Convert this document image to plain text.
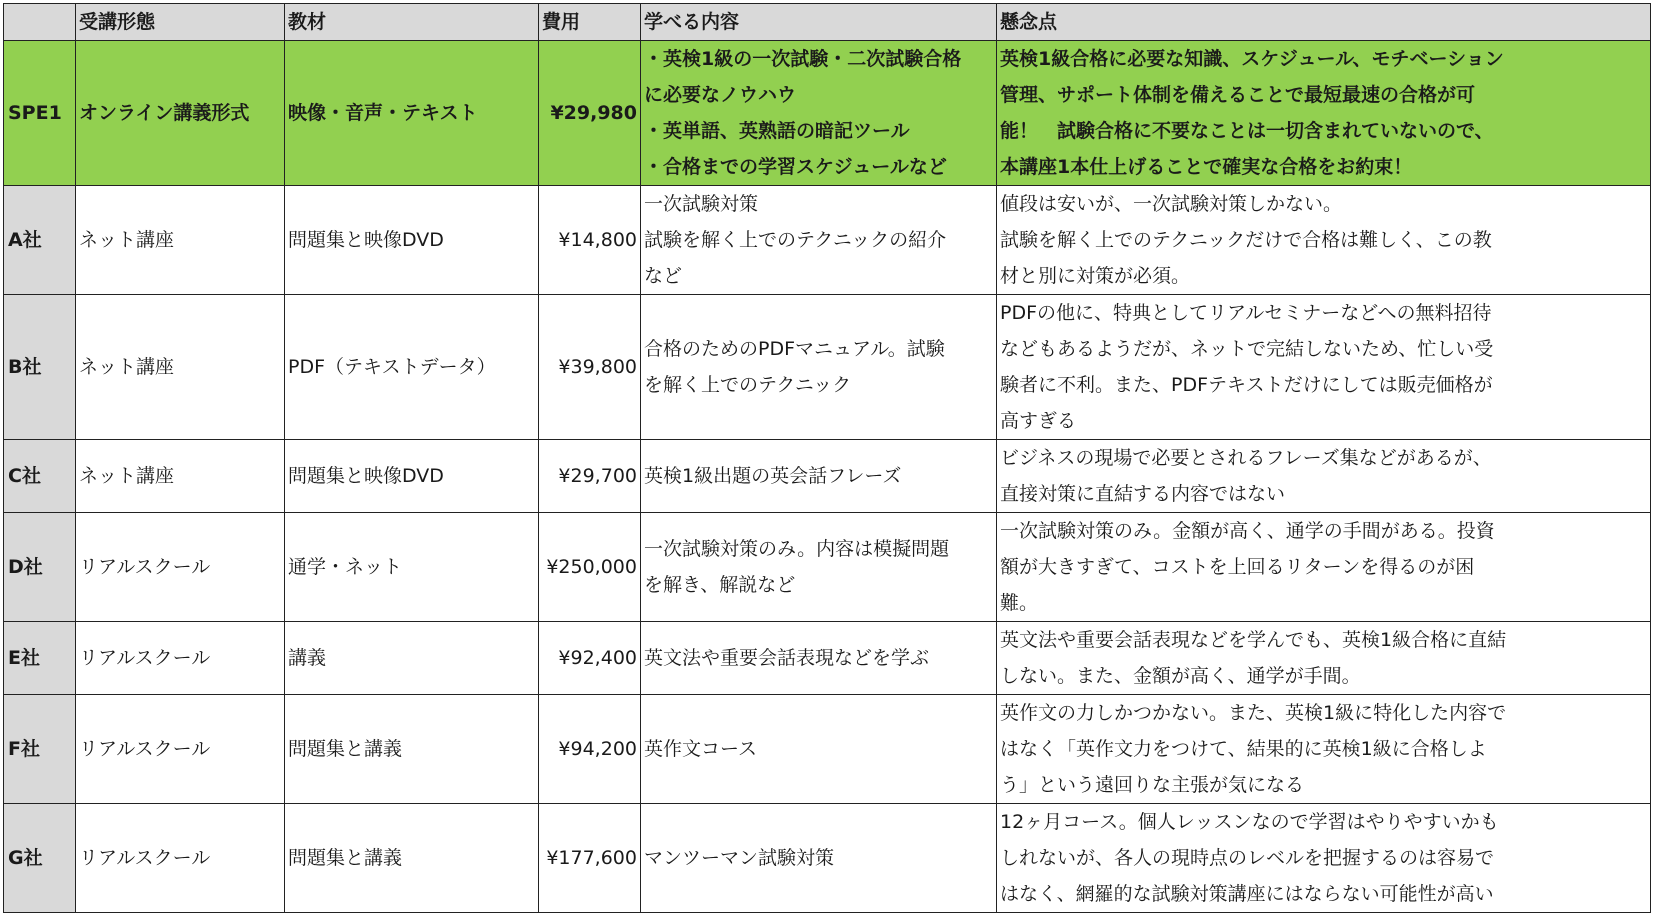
	受講形態	教材	費用	学べる内容	懸念点
SPE1	オンライン講義形式	映像・音声・テキスト	¥29,980	・英検1級の一次試験・二次試験合格
に必要なノウハウ
・英単語、英熟語の暗記ツール
・合格までの学習スケジュールなど	英検1級合格に必要な知識、スケジュール、モチベーション
管理、サポート体制を備えることで最短最速の合格が可
能！　試験合格に不要なことは一切含まれていないので、
本講座1本仕上げることで確実な合格をお約束！

A社	ネット講座	問題集と映像DVD	¥14,800	一次試験対策
試験を解く上でのテクニックの紹介
など	値段は安いが、一次試験対策しかない。
試験を解く上でのテクニックだけで合格は難しく、この教
材と別に対策が必須。

B社	ネット講座	PDF（テキストデータ）	¥39,800	合格のためのPDFマニュアル。試験
を解く上でのテクニック	PDFの他に、特典としてリアルセミナーなどへの無料招待
などもあるようだが、ネットで完結しないため、忙しい受
験者に不利。また、PDFテキストだけにしては販売価格が
高すぎる

C社	ネット講座	問題集と映像DVD	¥29,700	英検1級出題の英会話フレーズ	ビジネスの現場で必要とされるフレーズ集などがあるが、
直接対策に直結する内容ではない

D社	リアルスクール	通学・ネット	¥250,000	一次試験対策のみ。内容は模擬問題
を解き、解説など	一次試験対策のみ。金額が高く、通学の手間がある。投資
額が大きすぎて、コストを上回るリターンを得るのが困
難。

E社	リアルスクール	講義	¥92,400	英文法や重要会話表現などを学ぶ	英文法や重要会話表現などを学んでも、英検1級合格に直結
しない。また、金額が高く、通学が手間。

F社	リアルスクール	問題集と講義	¥94,200	英作文コース	英作文の力しかつかない。また、英検1級に特化した内容で
はなく「英作文力をつけて、結果的に英検1級に合格しよ
う」という遠回りな主張が気になる

G社	リアルスクール	問題集と講義	¥177,600	マンツーマン試験対策	12ヶ月コース。個人レッスンなので学習はやりやすいかも
しれないが、各人の現時点のレベルを把握するのは容易で
はなく、網羅的な試験対策講座にはならない可能性が高い
